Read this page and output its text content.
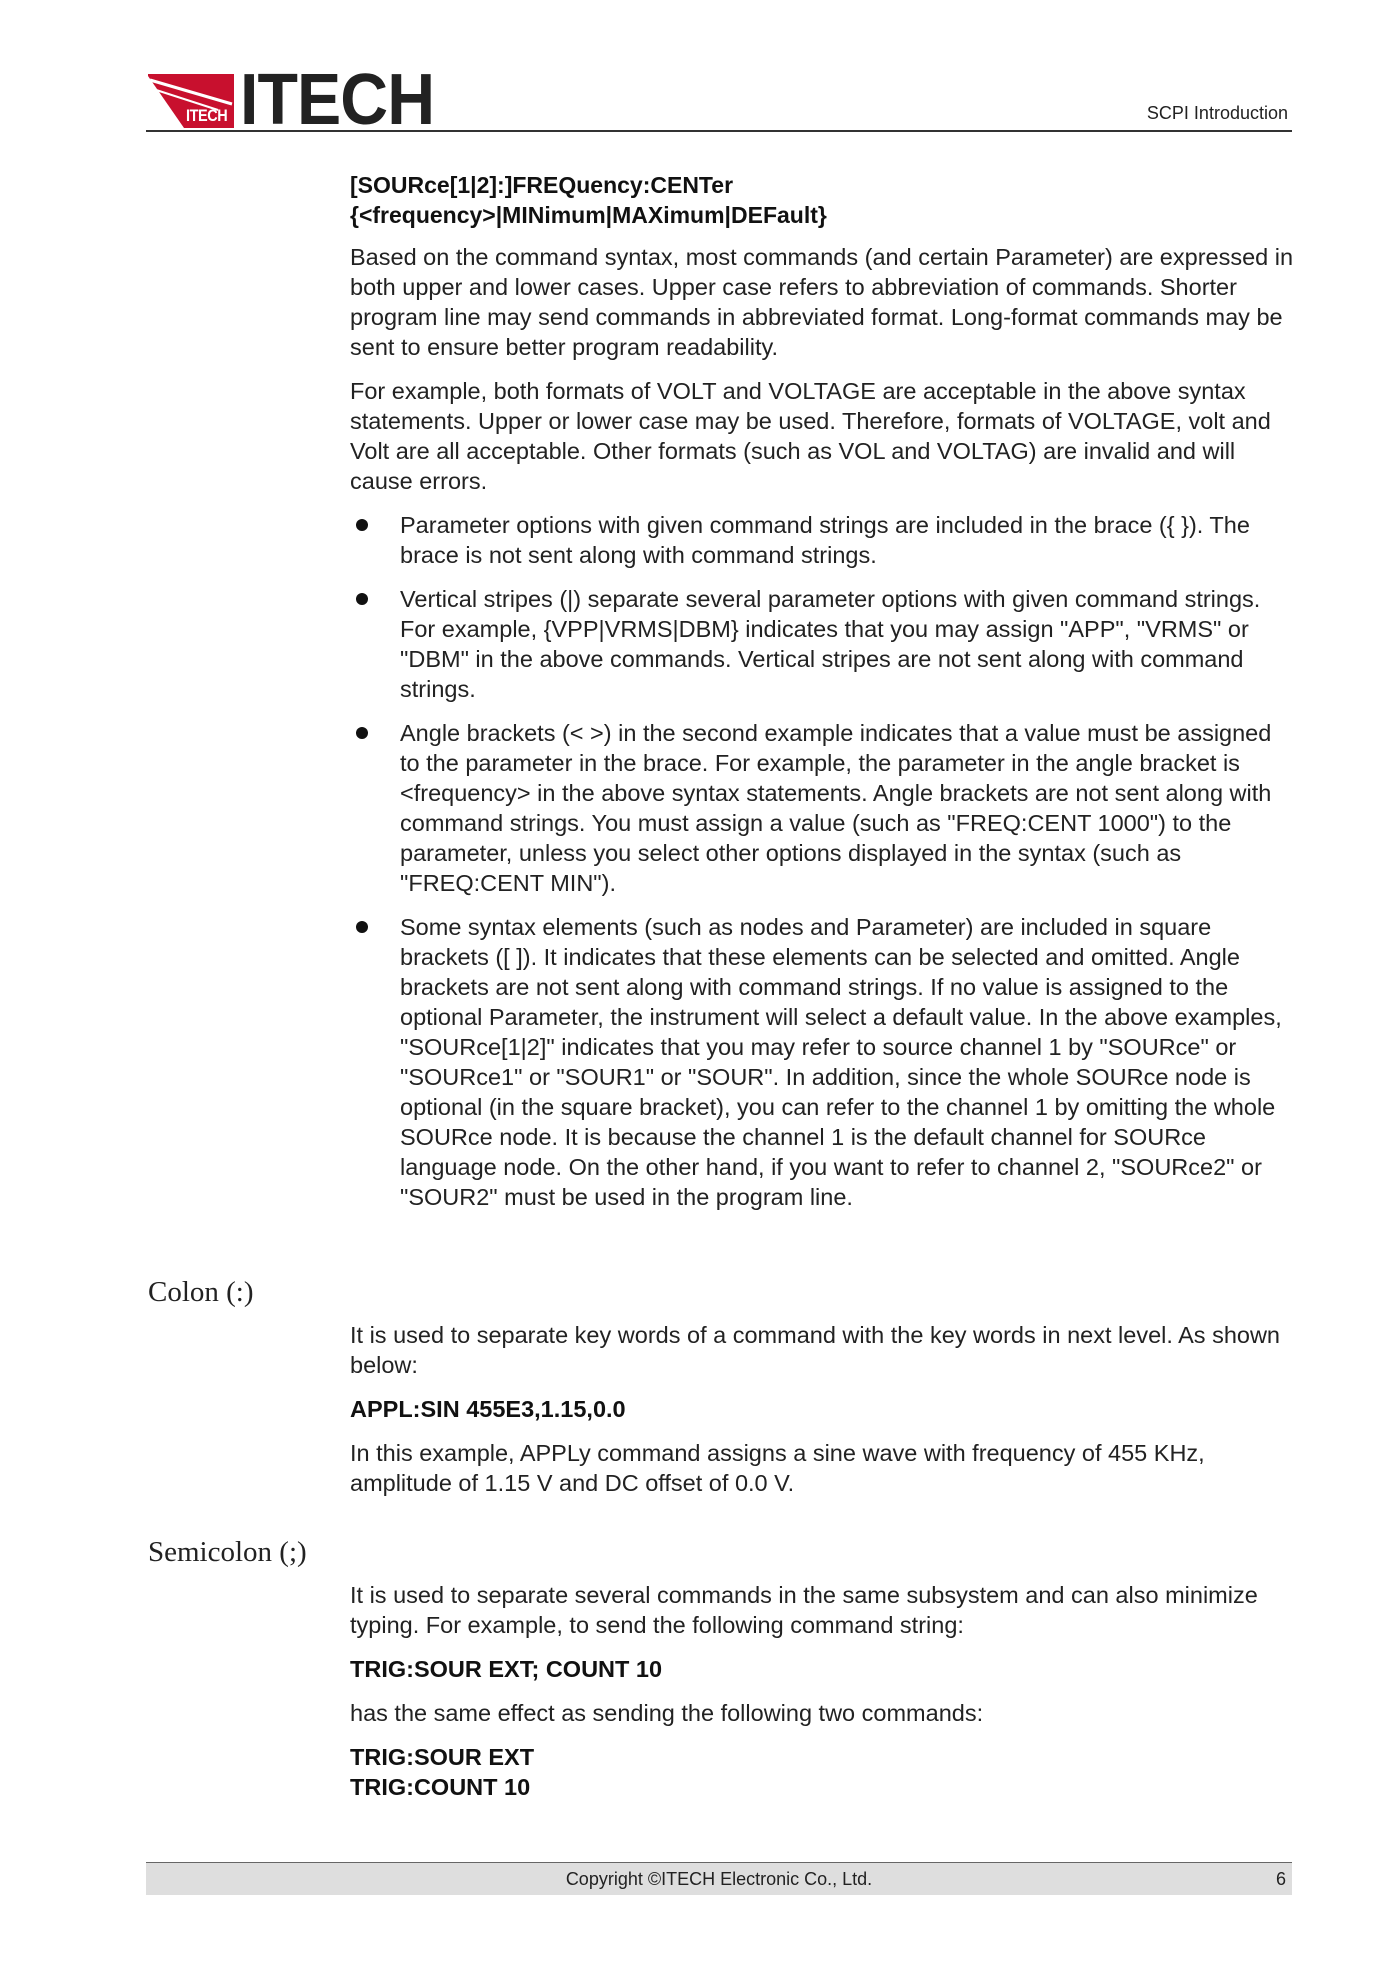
ITECH ITECH	SCPI Introduction

[SOURce[1|2]:]FREQuency:CENTer

{<frequency>|MINimum|MAXimum|DEFault}

Based on the command syntax, most commands (and certain Parameter) are expressed in both upper and lower cases. Upper case refers to abbreviation of commands. Shorter program line may send commands in abbreviated format. Long-format commands may be sent to ensure better program readability.

For example, both formats of VOLT and VOLTAGE are acceptable in the above syntax statements. Upper or lower case may be used. Therefore, formats of VOLTAGE, volt and Volt are all acceptable. Other formats (such as VOL and VOLTAG) are invalid and will cause errors.

Parameter options with given command strings are included in the brace ({ }). The brace is not sent along with command strings.
Vertical stripes (|) separate several parameter options with given command strings. For example, {VPP|VRMS|DBM} indicates that you may assign "APP", "VRMS" or "DBM" in the above commands. Vertical stripes are not sent along with command strings.
Angle brackets (< >) in the second example indicates that a value must be assigned to the parameter in the brace. For example, the parameter in the angle bracket is <frequency> in the above syntax statements. Angle brackets are not sent along with command strings. You must assign a value (such as "FREQ:CENT 1000") to the parameter, unless you select other options displayed in the syntax (such as "FREQ:CENT MIN").
Some syntax elements (such as nodes and Parameter) are included in square brackets ([ ]). It indicates that these elements can be selected and omitted. Angle brackets are not sent along with command strings. If no value is assigned to the optional Parameter, the instrument will select a default value. In the above examples, "SOURce[1|2]" indicates that you may refer to source channel 1 by "SOURce" or "SOURce1" or "SOUR1" or "SOUR". In addition, since the whole SOURce node is optional (in the square bracket), you can refer to the channel 1 by omitting the whole SOURce node. It is because the channel 1 is the default channel for SOURce language node. On the other hand, if you want to refer to channel 2, "SOURce2" or "SOUR2" must be used in the program line.
Colon (:)

It is used to separate key words of a command with the key words in next level. As shown below:

APPL:SIN 455E3,1.15,0.0

In this example, APPLy command assigns a sine wave with frequency of 455 KHz, amplitude of 1.15 V and DC offset of 0.0 V.

Semicolon (;)

It is used to separate several commands in the same subsystem and can also minimize typing. For example, to send the following command string:

TRIG:SOUR EXT; COUNT 10

has the same effect as sending the following two commands:

TRIG:SOUR EXT

TRIG:COUNT 10

Copyright ©ITECH Electronic Co., Ltd.	6
